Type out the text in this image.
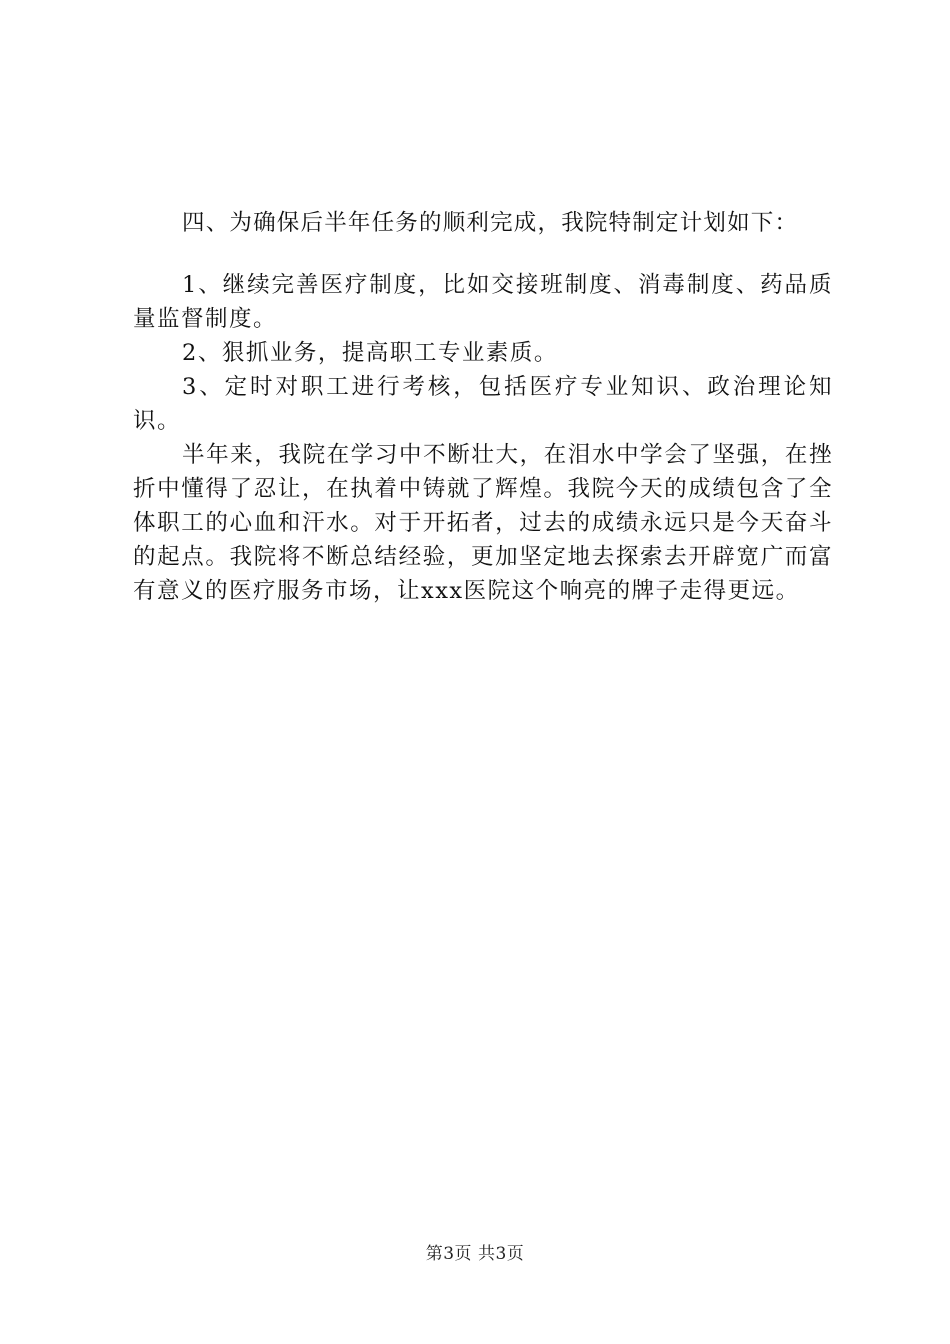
四、为确保后半年任务的顺利完成，我院特制定计划如下：

1、继续完善医疗制度，比如交接班制度、消毒制度、药品质量监督制度。

2、狠抓业务，提高职工专业素质。

3、定时对职工进行考核，包括医疗专业知识、政治理论知识。

半年来，我院在学习中不断壮大，在泪水中学会了坚强，在挫折中懂得了忍让，在执着中铸就了辉煌。我院今天的成绩包含了全体职工的心血和汗水。对于开拓者，过去的成绩永远只是今天奋斗的起点。我院将不断总结经验，更加坚定地去探索去开辟宽广而富有意义的医疗服务市场，让xxx医院这个响亮的牌子走得更远。

第3页 共3页
